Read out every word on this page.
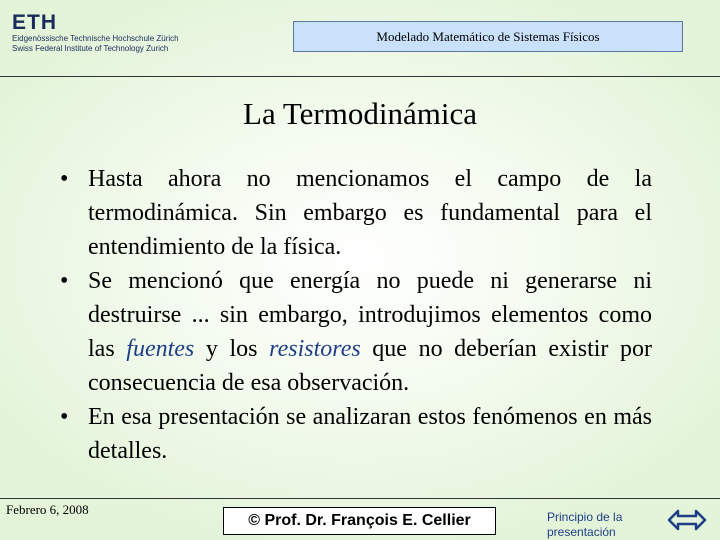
ETH
Eidgenössische Technische Hochschule Zürich
Swiss Federal Institute of Technology Zurich
Modelado Matemático de Sistemas Físicos
La Termodinámica
• Hasta ahora no mencionamos el campo de la termodinámica. Sin embargo es fundamental para el entendimiento de la física.
• Se mencionó que energía no puede ni generarse ni destruirse ... sin embargo, introdujimos elementos como las fuentes y los resistores que no deberían existir por consecuencia de esa observación.
• En esa presentación se analizaran estos fenómenos en más detalles.
Febrero 6, 2008
© Prof. Dr. François E. Cellier	Principio de la presentación
